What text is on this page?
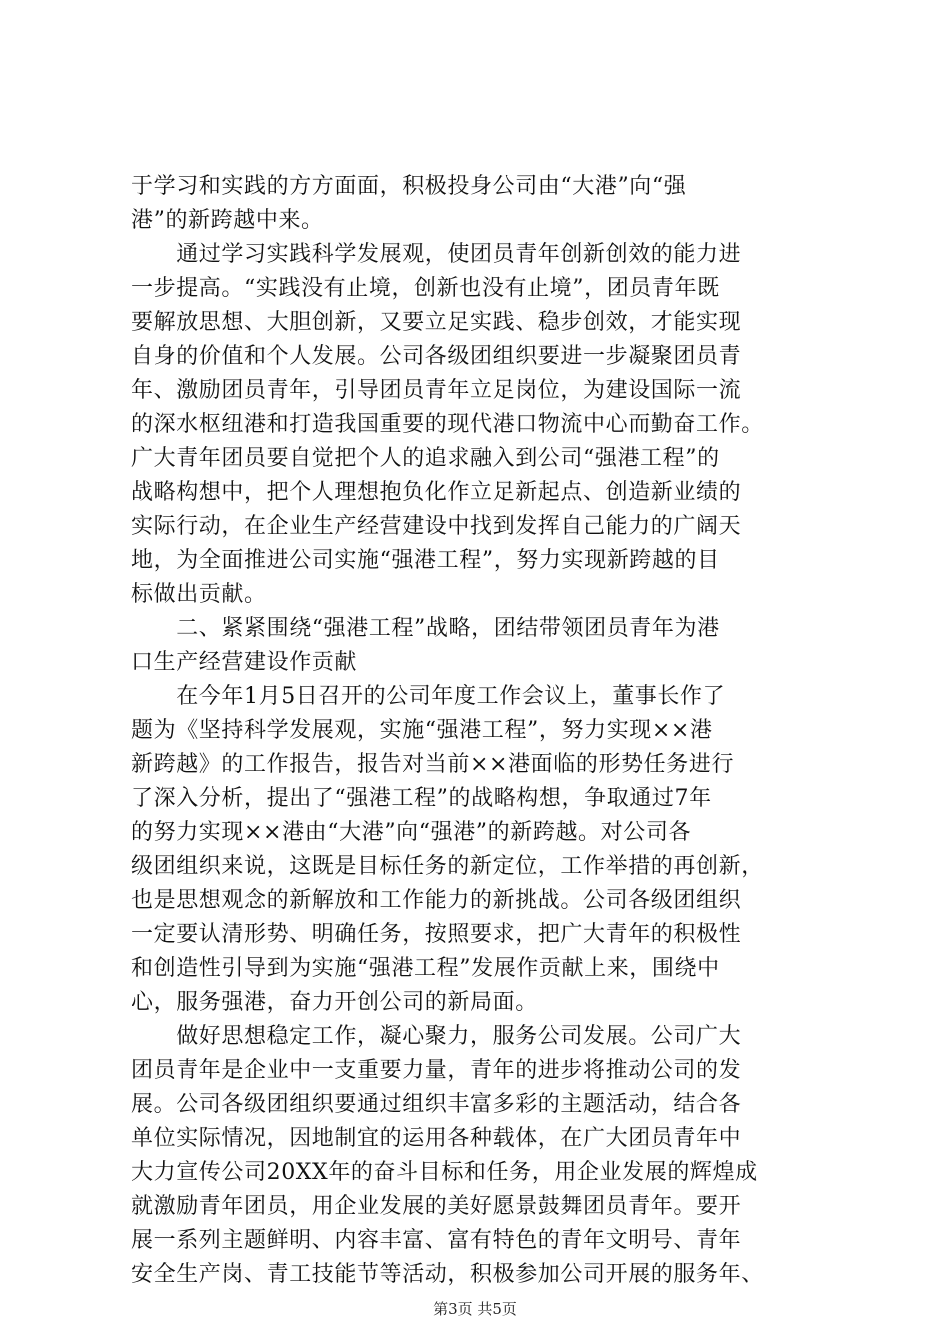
于学习和实践的方方面面，积极投身公司由“大港”向“强
港”的新跨越中来。
　　通过学习实践科学发展观，使团员青年创新创效的能力进
一步提高。“实践没有止境，创新也没有止境”，团员青年既
要解放思想、大胆创新，又要立足实践、稳步创效，才能实现
自身的价值和个人发展。公司各级团组织要进一步凝聚团员青
年、激励团员青年，引导团员青年立足岗位，为建设国际一流
的深水枢纽港和打造我国重要的现代港口物流中心而勤奋工作。
广大青年团员要自觉把个人的追求融入到公司“强港工程”的
战略构想中，把个人理想抱负化作立足新起点、创造新业绩的
实际行动，在企业生产经营建设中找到发挥自己能力的广阔天
地，为全面推进公司实施“强港工程”，努力实现新跨越的目
标做出贡献。
　　二、紧紧围绕“强港工程”战略，团结带领团员青年为港
口生产经营建设作贡献
　　在今年1月5日召开的公司年度工作会议上，董事长作了
题为《坚持科学发展观，实施“强港工程”，努力实现××港
新跨越》的工作报告，报告对当前××港面临的形势任务进行
了深入分析，提出了“强港工程”的战略构想，争取通过7年
的努力实现××港由“大港”向“强港”的新跨越。对公司各
级团组织来说，这既是目标任务的新定位，工作举措的再创新，
也是思想观念的新解放和工作能力的新挑战。公司各级团组织
一定要认清形势、明确任务，按照要求，把广大青年的积极性
和创造性引导到为实施“强港工程”发展作贡献上来，围绕中
心，服务强港，奋力开创公司的新局面。
　　做好思想稳定工作，凝心聚力，服务公司发展。公司广大
团员青年是企业中一支重要力量，青年的进步将推动公司的发
展。公司各级团组织要通过组织丰富多彩的主题活动，结合各
单位实际情况，因地制宜的运用各种载体，在广大团员青年中
大力宣传公司20XX年的奋斗目标和任务，用企业发展的辉煌成
就激励青年团员，用企业发展的美好愿景鼓舞团员青年。要开
展一系列主题鲜明、内容丰富、富有特色的青年文明号、青年
安全生产岗、青工技能节等活动，积极参加公司开展的服务年、
第3页 共5页
